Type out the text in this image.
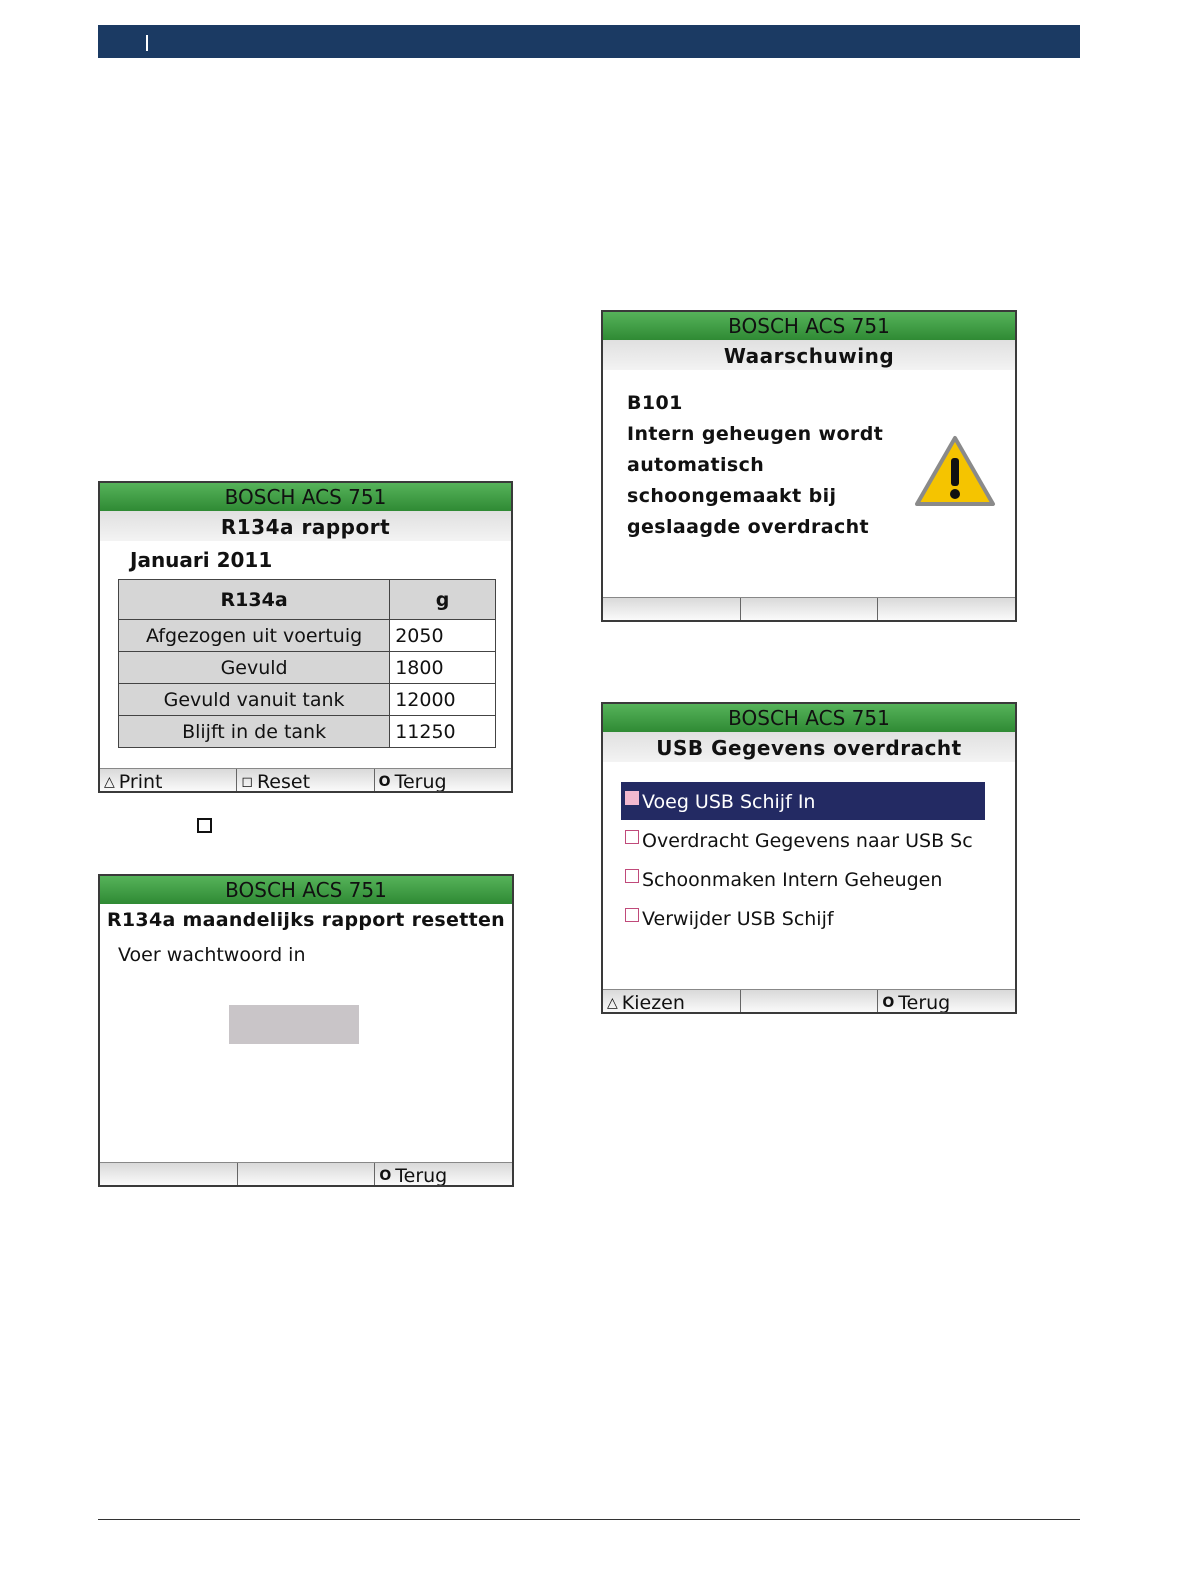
BOSCH ACS 751
R134a rapport
Januari 2011
R134a	g
Afgezogen uit voertuig	2050
Gevuld	1800
Gevuld vanuit tank	12000
Blijft in de tank	11250
△ Print	◻ Reset	O Terug
BOSCH ACS 751
R134a maandelijks rapport resetten
Voer wachtwoord in
O Terug
BOSCH ACS 751
Waarschuwing
B101
Intern geheugen wordt
automatisch
schoongemaakt bij
geslaagde overdracht
BOSCH ACS 751
USB Gegevens overdracht
Voeg USB Schijf In
Overdracht Gegevens naar USB Sc
Schoonmaken Intern Geheugen
Verwijder USB Schijf
△ Kiezen	O Terug
